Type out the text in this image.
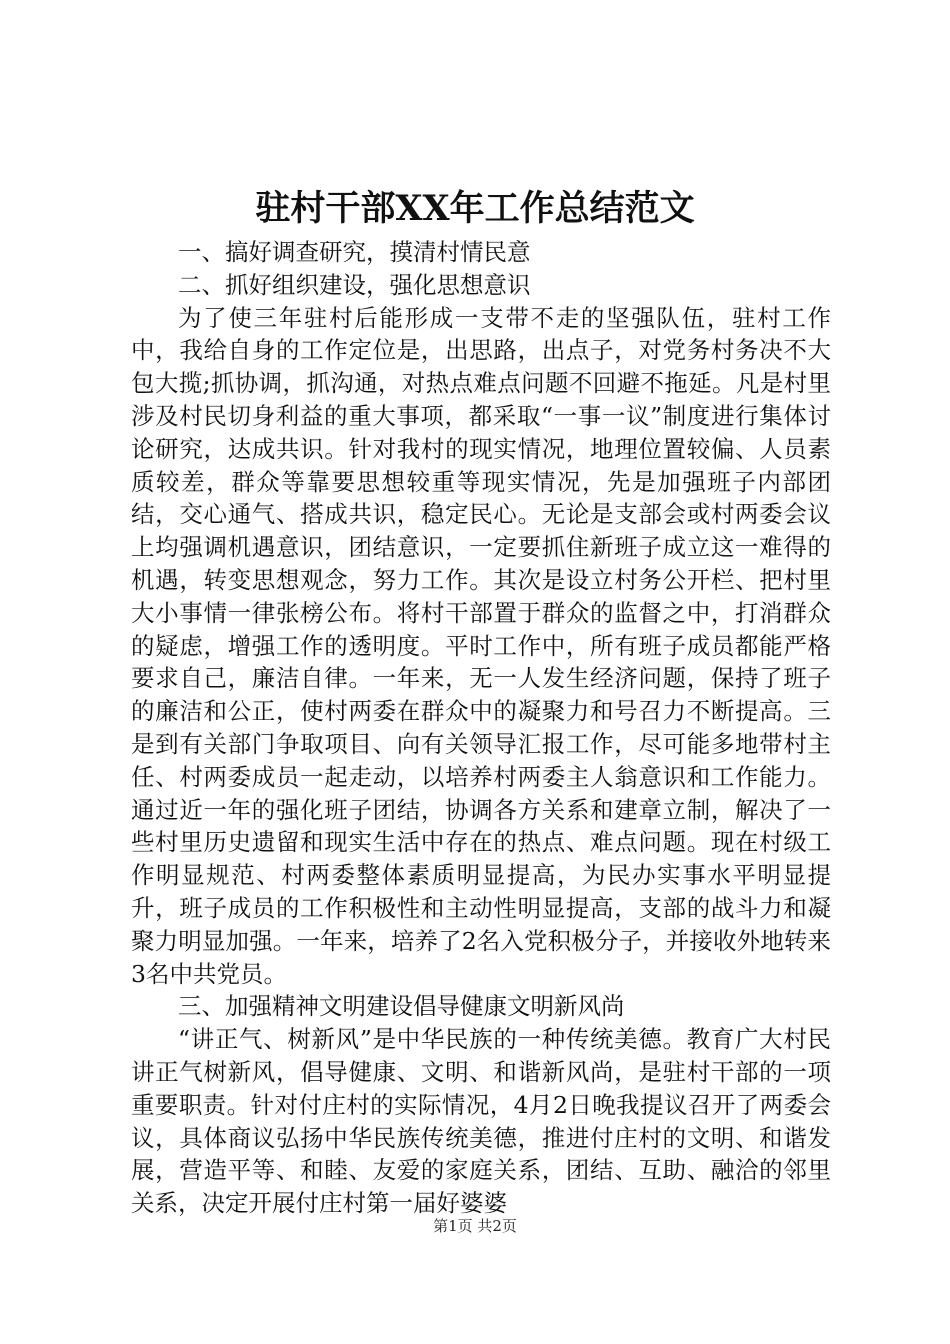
驻村干部XX年工作总结范文

一、搞好调查研究，摸清村情民意

二、抓好组织建设，强化思想意识

为了使三年驻村后能形成一支带不走的坚强队伍，驻村工作中，我给自身的工作定位是，出思路，出点子，对党务村务决不大包大揽;抓协调，抓沟通，对热点难点问题不回避不拖延。凡是村里涉及村民切身利益的重大事项，都采取“一事一议”制度进行集体讨论研究，达成共识。针对我村的现实情况，地理位置较偏、人员素质较差，群众等靠要思想较重等现实情况，先是加强班子内部团结，交心通气、搭成共识，稳定民心。无论是支部会或村两委会议上均强调机遇意识，团结意识，一定要抓住新班子成立这一难得的机遇，转变思想观念，努力工作。其次是设立村务公开栏、把村里大小事情一律张榜公布。将村干部置于群众的监督之中，打消群众的疑虑，增强工作的透明度。平时工作中，所有班子成员都能严格要求自己，廉洁自律。一年来，无一人发生经济问题，保持了班子的廉洁和公正，使村两委在群众中的凝聚力和号召力不断提高。三是到有关部门争取项目、向有关领导汇报工作，尽可能多地带村主任、村两委成员一起走动，以培养村两委主人翁意识和工作能力。通过近一年的强化班子团结，协调各方关系和建章立制，解决了一些村里历史遗留和现实生活中存在的热点、难点问题。现在村级工作明显规范、村两委整体素质明显提高，为民办实事水平明显提升，班子成员的工作积极性和主动性明显提高，支部的战斗力和凝聚力明显加强。一年来，培养了2名入党积极分子，并接收外地转来3名中共党员。

三、加强精神文明建设倡导健康文明新风尚

“讲正气、树新风”是中华民族的一种传统美德。教育广大村民讲正气树新风，倡导健康、文明、和谐新风尚，是驻村干部的一项重要职责。针对付庄村的实际情况，4月2日晚我提议召开了两委会议，具体商议弘扬中华民族传统美德，推进付庄村的文明、和谐发展，营造平等、和睦、友爱的家庭关系，团结、互助、融洽的邻里关系，决定开展付庄村第一届好婆婆

第1页 共2页
